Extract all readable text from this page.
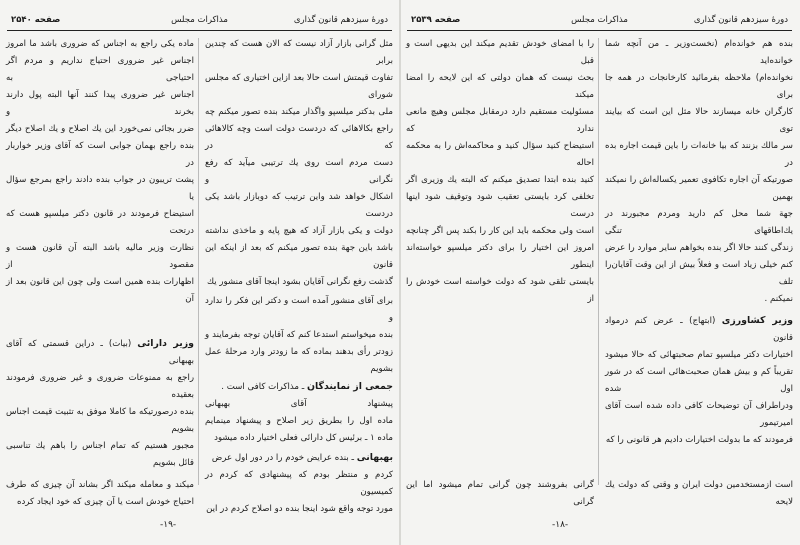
دورهٔ سیزدهم قانون گذاری
مذاکرات مجلس
صفحه ۲۵۴۰
مثل گرانی بازار آزاد نیست که الان هست که چندین برابر
تفاوت قیمتش است حالا بعد ازاین اختیاری که مجلس شورای
ملی بدکتر میلسپو واگذار میکند بنده تصور میکنم چه
راجع بکالاهائی که دردست دولت است وچه کالاهائی که در
دست مردم است روی یك ترتیبی میآید که رفع نگرانی و
اشکال خواهد شد واین ترتیب که دوبازار باشد یکی دردست
دولت و یکی بازار آزاد که هیچ پایه و ماخذی نداشته
باشد باین جهة بنده تصور میکنم که بعد از اینکه این قانون
گذشت رفع نگرانی آقایان بشود اینجا آقای منشور یك
برای آقای منشور آمده است و دکتر این فکر را ندارد و
بنده میخواستم استدعا کنم که آقایان توجه بفرمایند و
زودتر رأی بدهند بماده که ما زودتر وارد مرحلهٔ عمل بشویم
جمعی از نمایندگان ـ مذاکرات کافی است .
پیشنهاد آقای بهبهانی
ماده اول را بطریق زیر اصلاح و پیشنهاد مینمایم
ماده ۱ ـ برئیس کل دارائی فعلی اختیار داده میشود
بهبهانی ـ بنده عرایض خودم را در دور اول عرض
کردم و منتظر بودم که پیشنهادی که کردم در کمیسیون
مورد توجه واقع شود اینجا بنده دو اصلاح کردم در این
ماده یکی راجع به اجناس که ضروری باشد ما امروز
اجناس غیر ضروری احتیاج نداریم و مردم اگر احتیاجی به
اجناس غیر ضروری پیدا کنند آنها البته پول دارند بخرند و
ضرر بجائی نمی‌خورد این یك اصلاح و یك اصلاح دیگر
بنده راجع بهمان جوابی است که آقای وزیر خواربار در
پشت تریبون در جواب بنده دادند راجع بمرجع سؤال یا
استیضاح فرمودند در قانون دکتر میلسپو هست که درتحت
نظارت وزیر مالیه باشد البته آن قانون هست و مقصود از
اظهارات بنده همین است ولی چون این قانون بعد از آن
وزیر دارائی (بیات) ـ دراین قسمتی که آقای بهبهانی
راجع به ممنوعات ضروری و غیر ضروری فرمودند بعقیده
بنده درصورتیکه ما کاملا موفق به تثبیت قیمت اجناس بشویم
مجبور هستیم که تمام اجناس را باهم یك تناسبی قائل بشویم
میکند و معامله میکند اگر بشاند آن چیزی که طرف
احتیاج خودش است یا آن چیزی که خود ایجاد کرده
-۱۹-
دورهٔ سیزدهم قانون گذاری
مذاکرات مجلس
صفحه ۲۵۳۹
بنده هم خوانده‌ام (نخست‌وزیر ـ من آنچه شما خوانده‌اید
نخوانده‌ام) ملاحظه بفرمائید کارخانجات در همه جا برای
کارگران خانه میسازند حالا مثل این است که بیایند توی
سر مالك بزنند که بیا خانه‌ات را باین قیمت اجاره بده در
صورتیکه آن اجاره تکافوی تعمیر یکساله‌اش را نمیکند بهمین
جهة شما محل کم دارید ومردم مجبورند در یك‌اطاقهای تنگی
زندگی کنند حالا اگر بنده بخواهم سایر موارد را عرض
کنم خیلی زیاد است و فعلاً بیش از این وقت آقایان‌را تلف
نمیکنم .
وزیر کشاورزی (ابتهاج) ـ عرض کنم درمواد قانون
اختیارات دکتر میلسپو تمام صحبتهائی که حالا میشود
تقریباً کم و بیش همان صحبت‌هائی است که در شور اول شده
ودراطراف آن توضیحات کافی داده شده است آقای امیرتیمور
فرمودند که ما بدولت اختیارات دادیم هر قانونی را که
است ازمستخدمین دولت ایران و وقتی که دولت یك لایحه
را با امضای خودش تقدیم میکند این بدیهی است و قبل
بحث نیست که همان دولتی که این لایحه را امضا میکند
مسئولیت مستقیم دارد درمقابل مجلس وهیچ مانعی ندارد که
استیضاح کنید سؤال کنید و محاکمه‌اش را به محکمه احاله
کنید بنده ابتدا تصدیق میکنم که البته یك وزیری اگر
تخلفی کرد بایستی تعقیب شود وتوقیف شود اینها درست
است ولی محکمه باید این کار را بکند پس اگر چنانچه
امروز این اختیار را برای دکتر میلسپو خواسته‌اند اینطور
بایستی تلقی شود که دولت خواسته است خودش را از
گرانی بفروشند چون گرانی تمام میشود اما این گرانی
-۱۸-
